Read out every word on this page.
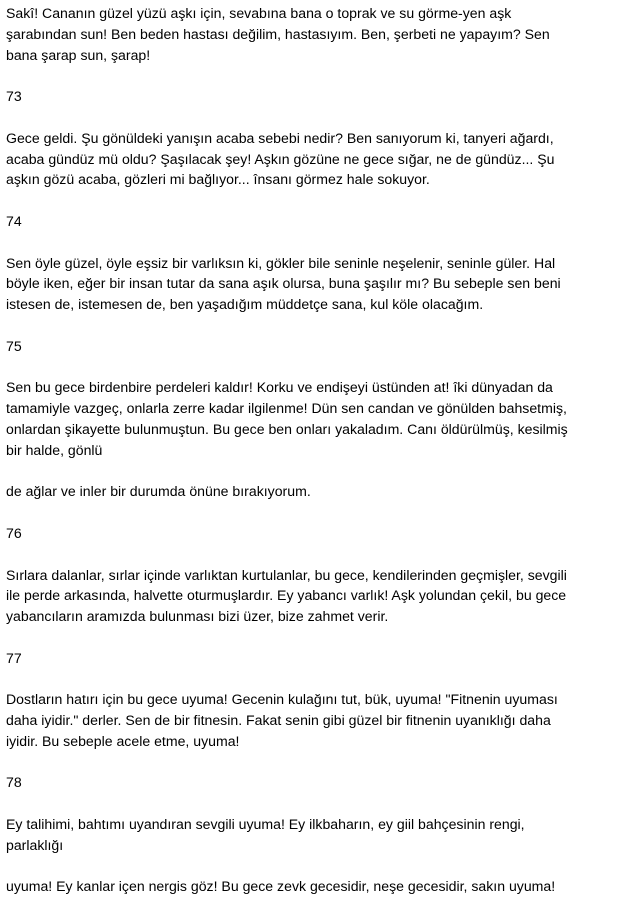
Sakî! Cananın güzel yüzü aşkı için, sevabına bana o toprak ve su görme-yen aşk
şarabından sun! Ben beden hastası değilim, hastasıyım. Ben, şerbeti ne yapayım? Sen
bana şarap sun, şarap!

73

Gece geldi. Şu gönüldeki yanışın acaba sebebi nedir? Ben sanıyorum ki, tanyeri ağardı,
acaba gündüz mü oldu? Şaşılacak şey! Aşkın gözüne ne gece sığar, ne de gündüz... Şu
aşkın gözü acaba, gözleri mi bağlıyor... însanı görmez hale sokuyor.

74

Sen öyle güzel, öyle eşsiz bir varlıksın ki, gökler bile seninle neşelenir, seninle güler. Hal
böyle iken, eğer bir insan tutar da sana aşık olursa, buna şaşılır mı? Bu sebeple sen beni
istesen de, istemesen de, ben yaşadığım müddetçe sana, kul köle olacağım.

75

Sen bu gece birdenbire perdeleri kaldır! Korku ve endişeyi üstünden at! îki dünyadan da
tamamiyle vazgeç, onlarla zerre kadar ilgilenme! Dün sen candan ve gönülden bahsetmiş,
onlardan şikayette bulunmuştun. Bu gece ben onları yakaladım. Canı öldürülmüş, kesilmiş
bir halde, gönlü

de ağlar ve inler bir durumda önüne bırakıyorum.

76

Sırlara dalanlar, sırlar içinde varlıktan kurtulanlar, bu gece, kendilerinden geçmişler, sevgili
ile perde arkasında, halvette oturmuşlardır. Ey yabancı varlık! Aşk yolundan çekil, bu gece
yabancıların aramızda bulunması bizi üzer, bize zahmet verir.

77

Dostların hatırı için bu gece uyuma! Gecenin kulağını tut, bük, uyuma! "Fitnenin uyuması
daha iyidir." derler. Sen de bir fitnesin. Fakat senin gibi güzel bir fitnenin uyanıklığı daha
iyidir. Bu sebeple acele etme, uyuma!

78

Ey talihimi, bahtımı uyandıran sevgili uyuma! Ey ilkbaharın, ey giil bahçesinin rengi,
parlaklığı

uyuma! Ey kanlar içen nergis göz! Bu gece zevk gecesidir, neşe gecesidir, sakın uyuma!
